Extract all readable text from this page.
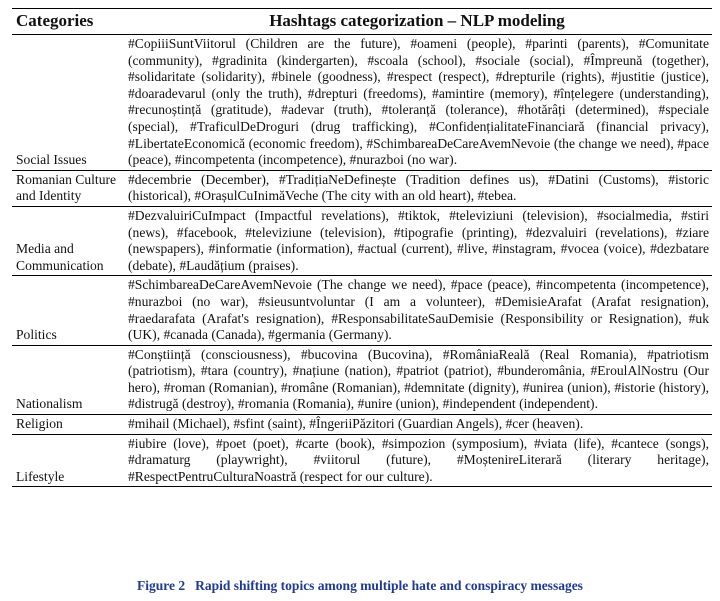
Categories	Hashtags categorization – NLP modeling
Social Issues	#CopiiiSuntViitorul (Children are the future), #oameni (people), #parinti (parents), #Comunitate (community), #gradinita (kindergarten), #scoala (school), #sociale (social), #Împreună (together), #solidaritate (solidarity), #binele (goodness), #respect (respect), #drepturile (rights), #justitie (justice), #doaradevarul (only the truth), #drepturi (freedoms), #amintire (memory), #înțelegere (understanding), #recunoștință (gratitude), #adevar (truth), #toleranță (tolerance), #hotărâți (determined), #speciale (special), #TraficulDeDroguri (drug trafficking), #ConfidențialitateFinanciară (financial privacy), #LibertateEconomică (economic freedom), #SchimbareaDeCareAvemNevoie (the change we need), #pace (peace), #incompetenta (incompetence), #nurazboi (no war).
Romanian Culture and Identity	#decembrie (December), #TradițiaNeDefinește (Tradition defines us), #Datini (Customs), #istoric (historical), #OrașulCuInimăVeche (The city with an old heart), #tebea.
Media and Communication	#DezvaluiriCuImpact (Impactful revelations), #tiktok, #televiziuni (television), #socialmedia, #stiri (news), #facebook, #televiziune (television), #tipografie (printing), #dezvaluiri (revelations), #ziare (newspapers), #informatie (information), #actual (current), #live, #instagram, #vocea (voice), #dezbatare (debate), #Laudățium (praises).
Politics	#SchimbareaDeCareAvemNevoie (The change we need), #pace (peace), #incompetenta (incompetence), #nurazboi (no war), #sieusuntvoluntar (I am a volunteer), #DemisieArafat (Arafat resignation), #raedarafata (Arafat's resignation), #ResponsabilitateSauDemisie (Responsibility or Resignation), #uk (UK), #canada (Canada), #germania (Germany).
Nationalism	#Conștiință (consciousness), #bucovina (Bucovina), #RomâniaReală (Real Romania), #patriotism (patriotism), #tara (country), #națiune (nation), #patriot (patriot), #bunderomânia, #EroulAlNostru (Our hero), #roman (Romanian), #române (Romanian), #demnitate (dignity), #unirea (union), #istorie (history), #distrugă (destroy), #romania (Romania), #unire (union), #independent (independent).
Religion	#mihail (Michael), #sfint (saint), #ÎngeriiPăzitori (Guardian Angels), #cer (heaven).
Lifestyle	#iubire (love), #poet (poet), #carte (book), #simpozion (symposium), #viata (life), #cantece (songs), #dramaturg (playwright), #viitorul (future), #MoștenireLiterară (literary heritage), #RespectPentruCulturaNoastră (respect for our culture).
Figure 2 Rapid shifting topics among multiple hate and conspiracy messages
